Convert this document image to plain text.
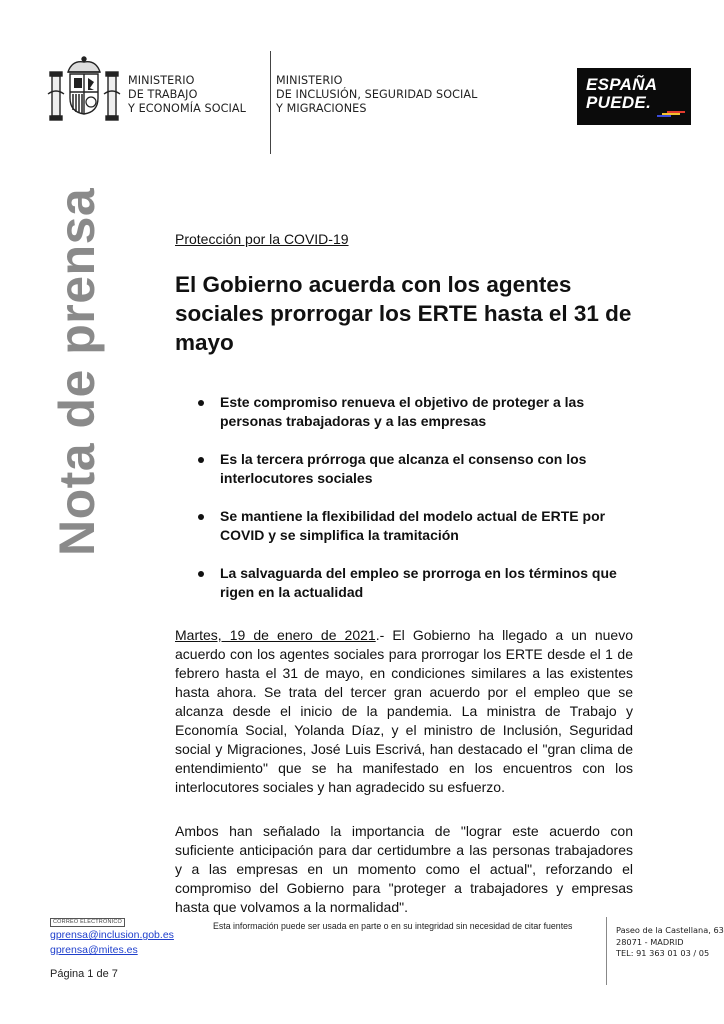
MINISTERIO
DE TRABAJO
Y ECONOMÍA SOCIAL
MINISTERIO
DE INCLUSIÓN, SEGURIDAD SOCIAL
Y MIGRACIONES
ESPAÑA
PUEDE.
Nota de prensa	Protección por la COVID-19
El Gobierno acuerda con los agentes sociales prorrogar los ERTE hasta el 31 de mayo
Este compromiso renueva el objetivo de proteger a las personas trabajadoras y a las empresas
Es la tercera prórroga que alcanza el consenso con los interlocutores sociales
Se mantiene la flexibilidad del modelo actual de ERTE por COVID y se simplifica la tramitación
La salvaguarda del empleo se prorroga en los términos que rigen en la actualidad

Martes, 19 de enero de 2021.- El Gobierno ha llegado a un nuevo acuerdo con los agentes sociales para prorrogar los ERTE desde el 1 de febrero hasta el 31 de mayo, en condiciones similares a las existentes hasta ahora. Se trata del tercer gran acuerdo por el empleo que se alcanza desde el inicio de la pandemia. La ministra de Trabajo y Economía Social, Yolanda Díaz, y el ministro de Inclusión, Seguridad social y Migraciones, José Luis Escrivá, han destacado el "gran clima de entendimiento" que se ha manifestado en los encuentros con los interlocutores sociales y han agradecido su esfuerzo.

Ambos han señalado la importancia de "lograr este acuerdo con suficiente anticipación para dar certidumbre a las personas trabajadores y a las empresas en un momento como el actual", reforzando el compromiso del Gobierno para "proteger a trabajadores y empresas hasta que volvamos a la normalidad".

CORREO ELECTRÓNICO
gprensa@inclusion.gob.es
gprensa@mites.es
Página 1 de 7
Esta información puede ser usada en parte o en su integridad sin necesidad de citar fuentes	Paseo de la Castellana, 63
28071 - MADRID
TEL: 91 363 01 03 / 05
